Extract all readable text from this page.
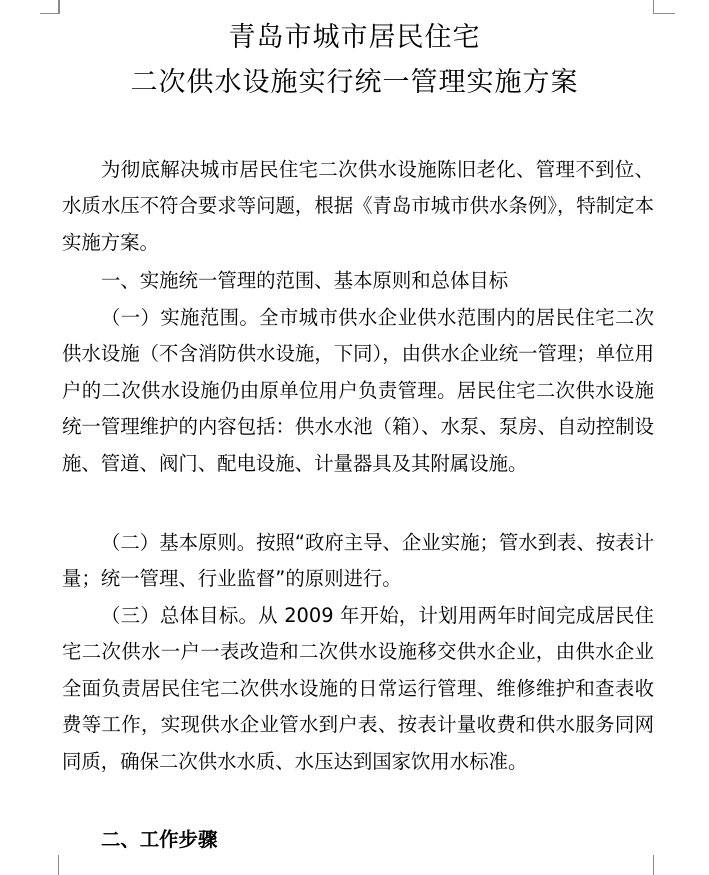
青岛市城市居民住宅
二次供水设施实行统一管理实施方案

为彻底解决城市居民住宅二次供水设施陈旧老化、管理不到位、水质水压不符合要求等问题，根据《青岛市城市供水条例》，特制定本实施方案。

一、实施统一管理的范围、基本原则和总体目标

（一）实施范围。全市城市供水企业供水范围内的居民住宅二次供水设施（不含消防供水设施，下同），由供水企业统一管理；单位用户的二次供水设施仍由原单位用户负责管理。居民住宅二次供水设施统一管理维护的内容包括：供水水池（箱）、水泵、泵房、自动控制设施、管道、阀门、配电设施、计量器具及其附属设施。

（二）基本原则。按照“政府主导、企业实施；管水到表、按表计量；统一管理、行业监督”的原则进行。

（三）总体目标。从 2009 年开始，计划用两年时间完成居民住宅二次供水一户一表改造和二次供水设施移交供水企业，由供水企业全面负责居民住宅二次供水设施的日常运行管理、维修维护和查表收费等工作，实现供水企业管水到户表、按表计量收费和供水服务同网同质，确保二次供水水质、水压达到国家饮用水标准。

二、工作步骤
